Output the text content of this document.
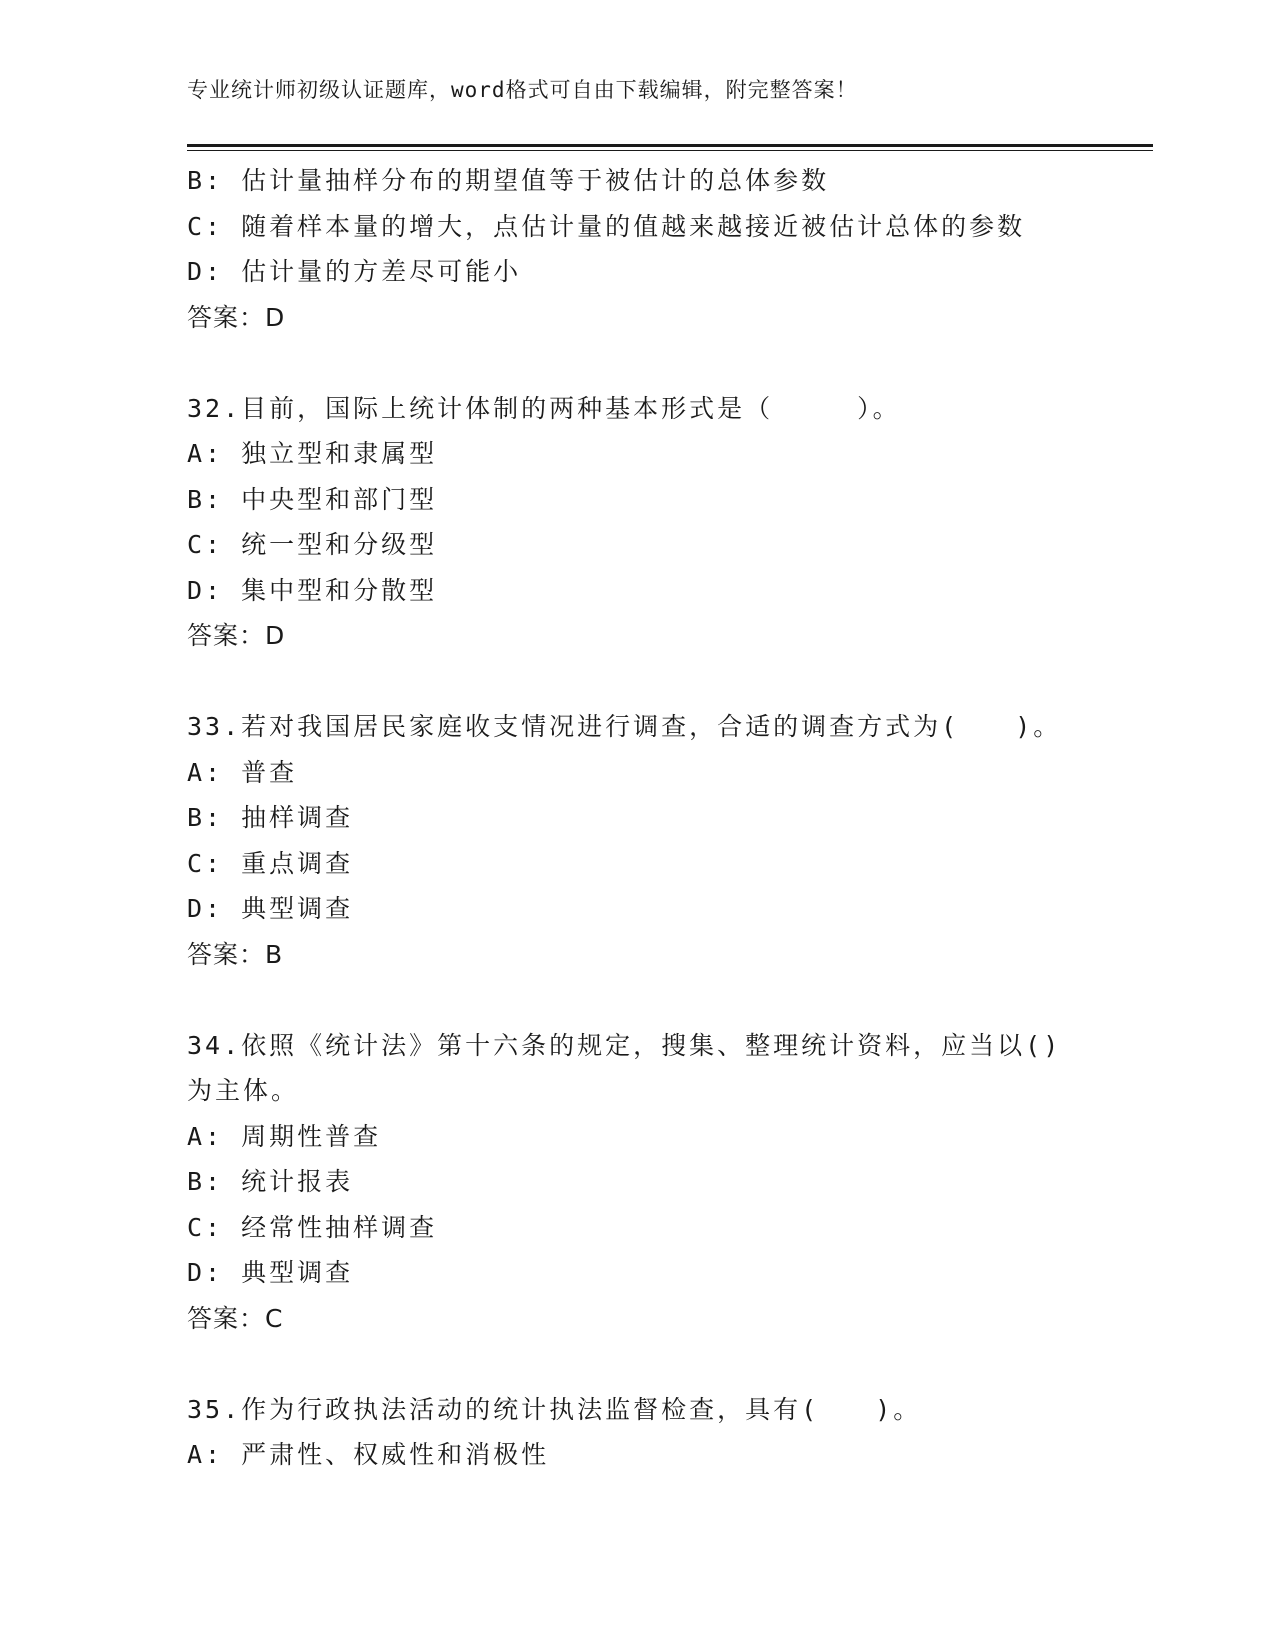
专业统计师初级认证题库，word格式可自由下载编辑，附完整答案！
B: 估计量抽样分布的期望值等于被估计的总体参数
C: 随着样本量的增大，点估计量的值越来越接近被估计总体的参数
D: 估计量的方差尽可能小
答案：D
32.目前，国际上统计体制的两种基本形式是（　　　）。
A: 独立型和隶属型
B: 中央型和部门型
C: 统一型和分级型
D: 集中型和分散型
答案：D
33.若对我国居民家庭收支情况进行调查，合适的调查方式为(　　)。
A: 普查
B: 抽样调查
C: 重点调查
D: 典型调查
答案：B
34.依照《统计法》第十六条的规定，搜集、整理统计资料，应当以()
为主体。
A: 周期性普查
B: 统计报表
C: 经常性抽样调查
D: 典型调查
答案：C
35.作为行政执法活动的统计执法监督检查，具有(　　)。
A: 严肃性、权威性和消极性
